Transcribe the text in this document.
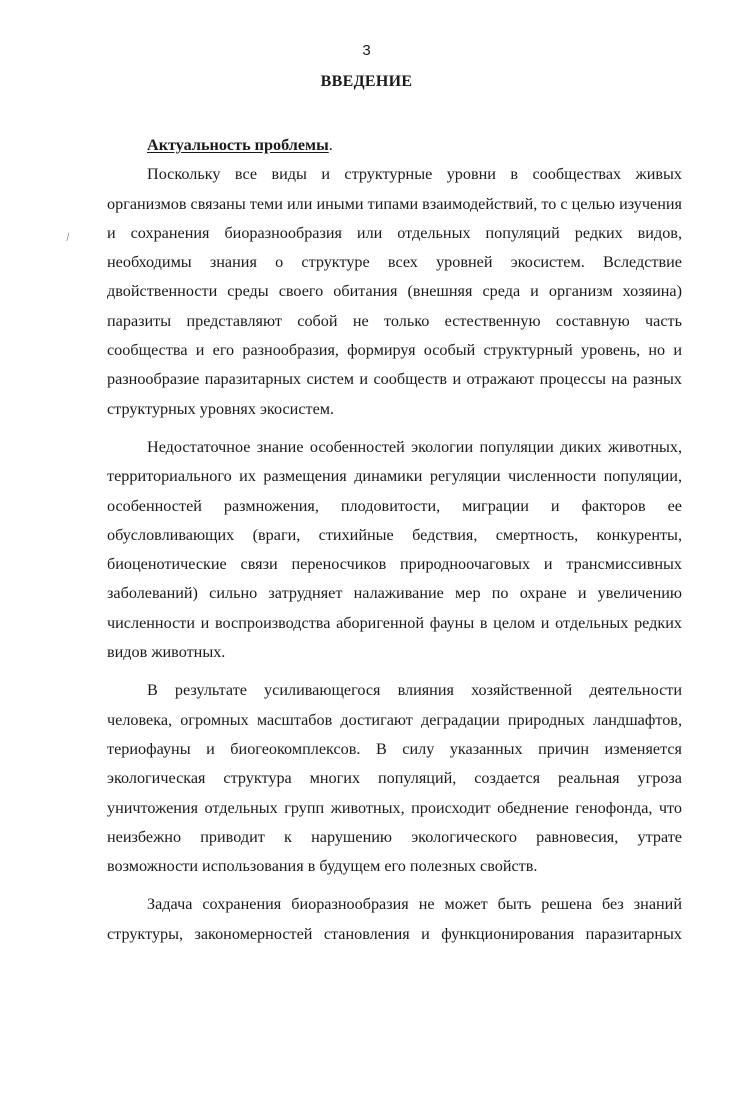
3
ВВЕДЕНИЕ
|

Актуальность проблемы.

Поскольку все виды и структурные уровни в сообществах живых организмов связаны теми или иными типами взаимодействий, то с целью изучения и сохранения биоразнообразия или отдельных популяций редких видов, необходимы знания о структуре всех уровней экосистем. Вследствие двойственности среды своего обитания (внешняя среда и организм хозяина) паразиты представляют собой не только естественную составную часть сообщества и его разнообразия, формируя особый структурный уровень, но и разнообразие паразитарных систем и сообществ и отражают процессы на разных структурных уровнях экосистем.

Недостаточное знание особенностей экологии популяции диких животных, территориального их размещения динамики регуляции численности популяции, особенностей размножения, плодовитости, миграции и факторов ее обусловливающих (враги, стихийные бедствия, смертность, конкуренты, биоценотические связи переносчиков природноочаговых и трансмиссивных заболеваний) сильно затрудняет налаживание мер по охране и увеличению численности и воспроизводства аборигенной фауны в целом и отдельных редких видов животных.

В результате усиливающегося влияния хозяйственной деятельности человека, огромных масштабов достигают деградации природных ландшафтов, териофауны и биогеокомплексов. В силу указанных причин изменяется экологическая структура многих популяций, создается реальная угроза уничтожения отдельных групп животных, происходит обеднение генофонда, что неизбежно приводит к нарушению экологического равновесия, утрате возможности использования в будущем его полезных свойств.

Задача сохранения биоразнообразия не может быть решена без знаний структуры, закономерностей становления и функционирования паразитарных
